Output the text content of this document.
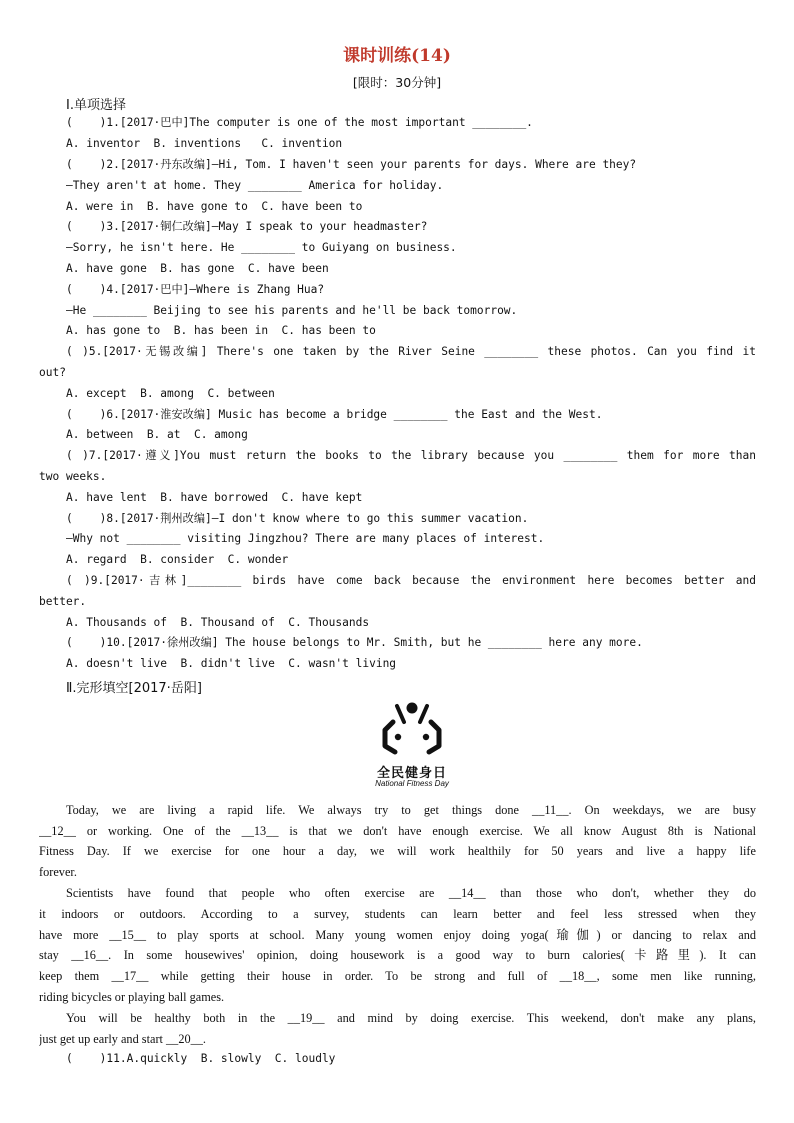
课时训练(14)
[限时：30分钟]
Ⅰ.单项选择
(    )1.[2017·巴中]The computer is one of the most important ________.
A. inventor  B. inventions   C. invention
(    )2.[2017·丹东改编]—Hi, Tom. I haven't seen your parents for days. Where are they?
—They aren't at home. They ________ America for holiday.
A. were in  B. have gone to  C. have been to
(    )3.[2017·铜仁改编]—May I speak to your headmaster?
—Sorry, he isn't here. He ________ to Guiyang on business.
A. have gone  B. has gone  C. have been
(    )4.[2017·巴中]—Where is Zhang Hua?
—He ________ Beijing to see his parents and he'll be back tomorrow.
A. has gone to  B. has been in  C. has been to
( )5.[2017·无锡改编] There's one taken by the River Seine ________ these photos. Can you find it
out?
A. except  B. among  C. between
(    )6.[2017·淮安改编] Music has become a bridge ________ the East and the West.
A. between  B. at  C. among
( )7.[2017·遵义]You must return the books to the library because you ________ them for more than
two weeks.
A. have lent  B. have borrowed  C. have kept
(    )8.[2017·荆州改编]—I don't know where to go this summer vacation.
—Why not ________ visiting Jingzhou? There are many places of interest.
A. regard  B. consider  C. wonder
( )9.[2017·吉林]________ birds have come back because the environment here becomes better and
better.
A. Thousands of  B. Thousand of  C. Thousands
(    )10.[2017·徐州改编] The house belongs to Mr. Smith, but he ________ here any more.
A. doesn't live  B. didn't live  C. wasn't living
Ⅱ.完形填空[2017·岳阳]
全民健身日
National Fitness Day
Today, we are living a rapid life. We always try to get things done __11__. On weekdays, we are busy
__12__ or working. One of the __13__ is that we don't have enough exercise. We all know August 8th is National
Fitness Day. If we exercise for one hour a day, we will work healthily for 50 years and live a happy life
forever.
Scientists have found that people who often exercise are __14__ than those who don't, whether they do
it indoors or outdoors. According to a survey, students can learn better and feel less stressed when they
have more __15__ to play sports at school. Many young women enjoy doing yoga(瑜伽) or dancing to relax and
stay __16__. In some housewives' opinion, doing housework is a good way to burn calories(卡路里). It can
keep them __17__ while getting their house in order. To be strong and full of __18__, some men like running,
riding bicycles or playing ball games.
You will be healthy both in the __19__ and mind by doing exercise. This weekend, don't make any plans,
just get up early and start __20__.
(    )11.A.quickly  B. slowly  C. loudly
